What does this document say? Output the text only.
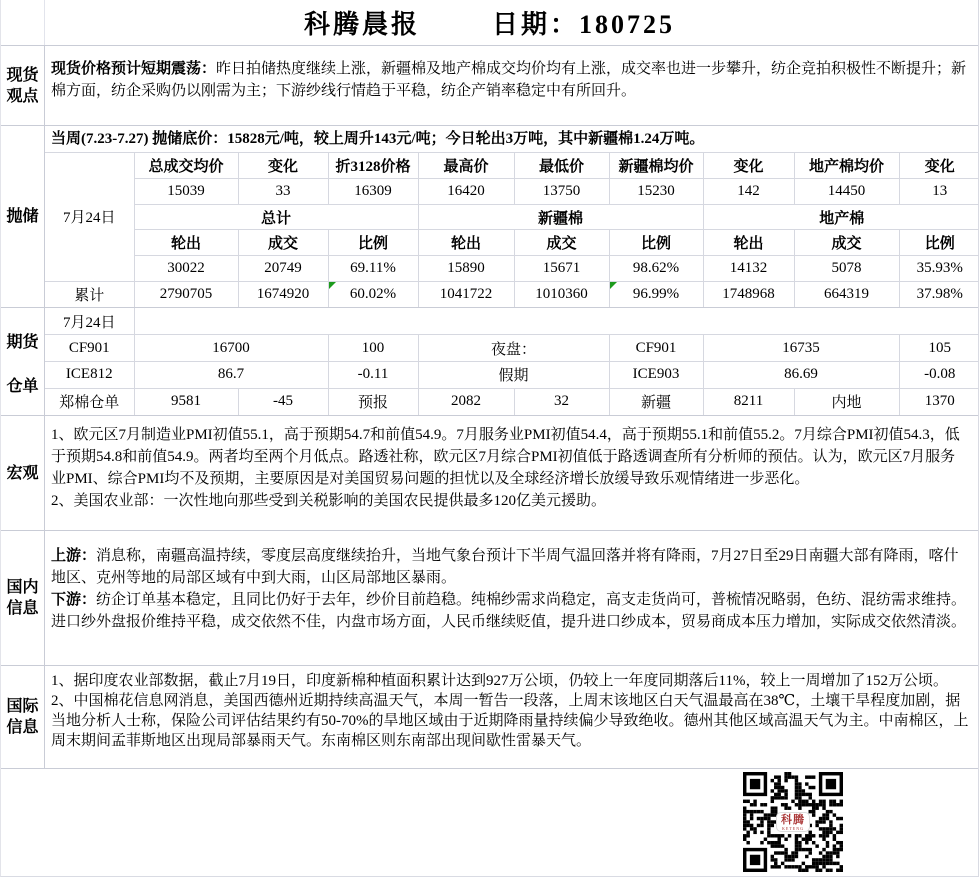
科腾晨报	日期：180725
现货
观点
现货价格预计短期震荡：昨日拍储热度继续上涨，新疆棉及地产棉成交均价均有上涨，成交率也进一步攀升，纺企竞拍积极性不断提升；新棉方面，纺企采购仍以刚需为主；下游纱线行情趋于平稳，纺企产销率稳定中有所回升。
抛储
当周(7.23-7.27) 抛储底价：15828元/吨，较上周升143元/吨；今日轮出3万吨，其中新疆棉1.24万吨。
7月24日	总成交均价	变化	折3128价格	最高价	最低价	新疆棉均价	变化	地产棉均价	变化
	15039	33	16309	16420	13750	15230	142	14450	13
	总计			新疆棉			地产棉		
	轮出	成交	比例	轮出	成交	比例	轮出	成交	比例
	30022	20749	69.11%	15890	15671	98.62%	14132	5078	35.93%
累计	2790705	1674920	60.02%	1041722	1010360	96.99%	1748968	664319	37.98%
期货
仓单
7月24日									
CF901	16700		100	夜盘：		CF901	16735		105
ICE812	86.7		-0.11	假期		ICE903	86.69		-0.08
郑棉仓单	9581	-45	预报	2082	32	新疆	8211	内地	1370
宏观
1、欧元区7月制造业PMI初值55.1，高于预期54.7和前值54.9。7月服务业PMI初值54.4，高于预期55.1和前值55.2。7月综合PMI初值54.3，低于预期54.8和前值54.9。两者均至两个月低点。路透社称，欧元区7月综合PMI初值低于路透调查所有分析师的预估。认为，欧元区7月服务业PMI、综合PMI均不及预期，主要原因是对美国贸易问题的担忧以及全球经济增长放缓导致乐观情绪进一步恶化。
2、美国农业部：一次性地向那些受到关税影响的美国农民提供最多120亿美元援助。
国内
信息
上游：消息称，南疆高温持续，零度层高度继续抬升，当地气象台预计下半周气温回落并将有降雨，7月27日至29日南疆大部有降雨，喀什地区、克州等地的局部区域有中到大雨，山区局部地区暴雨。
下游：纺企订单基本稳定，且同比仍好于去年，纱价目前趋稳。纯棉纱需求尚稳定，高支走货尚可，普梳情况略弱，色纺、混纺需求维持。进口纱外盘报价维持平稳，成交依然不佳，内盘市场方面，人民币继续贬值，提升进口纱成本，贸易商成本压力增加，实际成交依然清淡。
国际
信息
1、据印度农业部数据，截止7月19日，印度新棉种植面积累计达到927万公顷，仍较上一年度同期落后11%，较上一周增加了152万公顷。
2、中国棉花信息网消息，美国西德州近期持续高温天气，本周一暂告一段落，上周末该地区白天气温最高在38℃，土壤干旱程度加剧，据当地分析人士称，保险公司评估结果约有50-70%的旱地区域由于近期降雨量持续偏少导致绝收。德州其他区域高温天气为主。中南棉区，上周末期间孟菲斯地区出现局部暴雨天气。东南棉区则东南部出现间歇性雷暴天气。
科腾
KETENG
